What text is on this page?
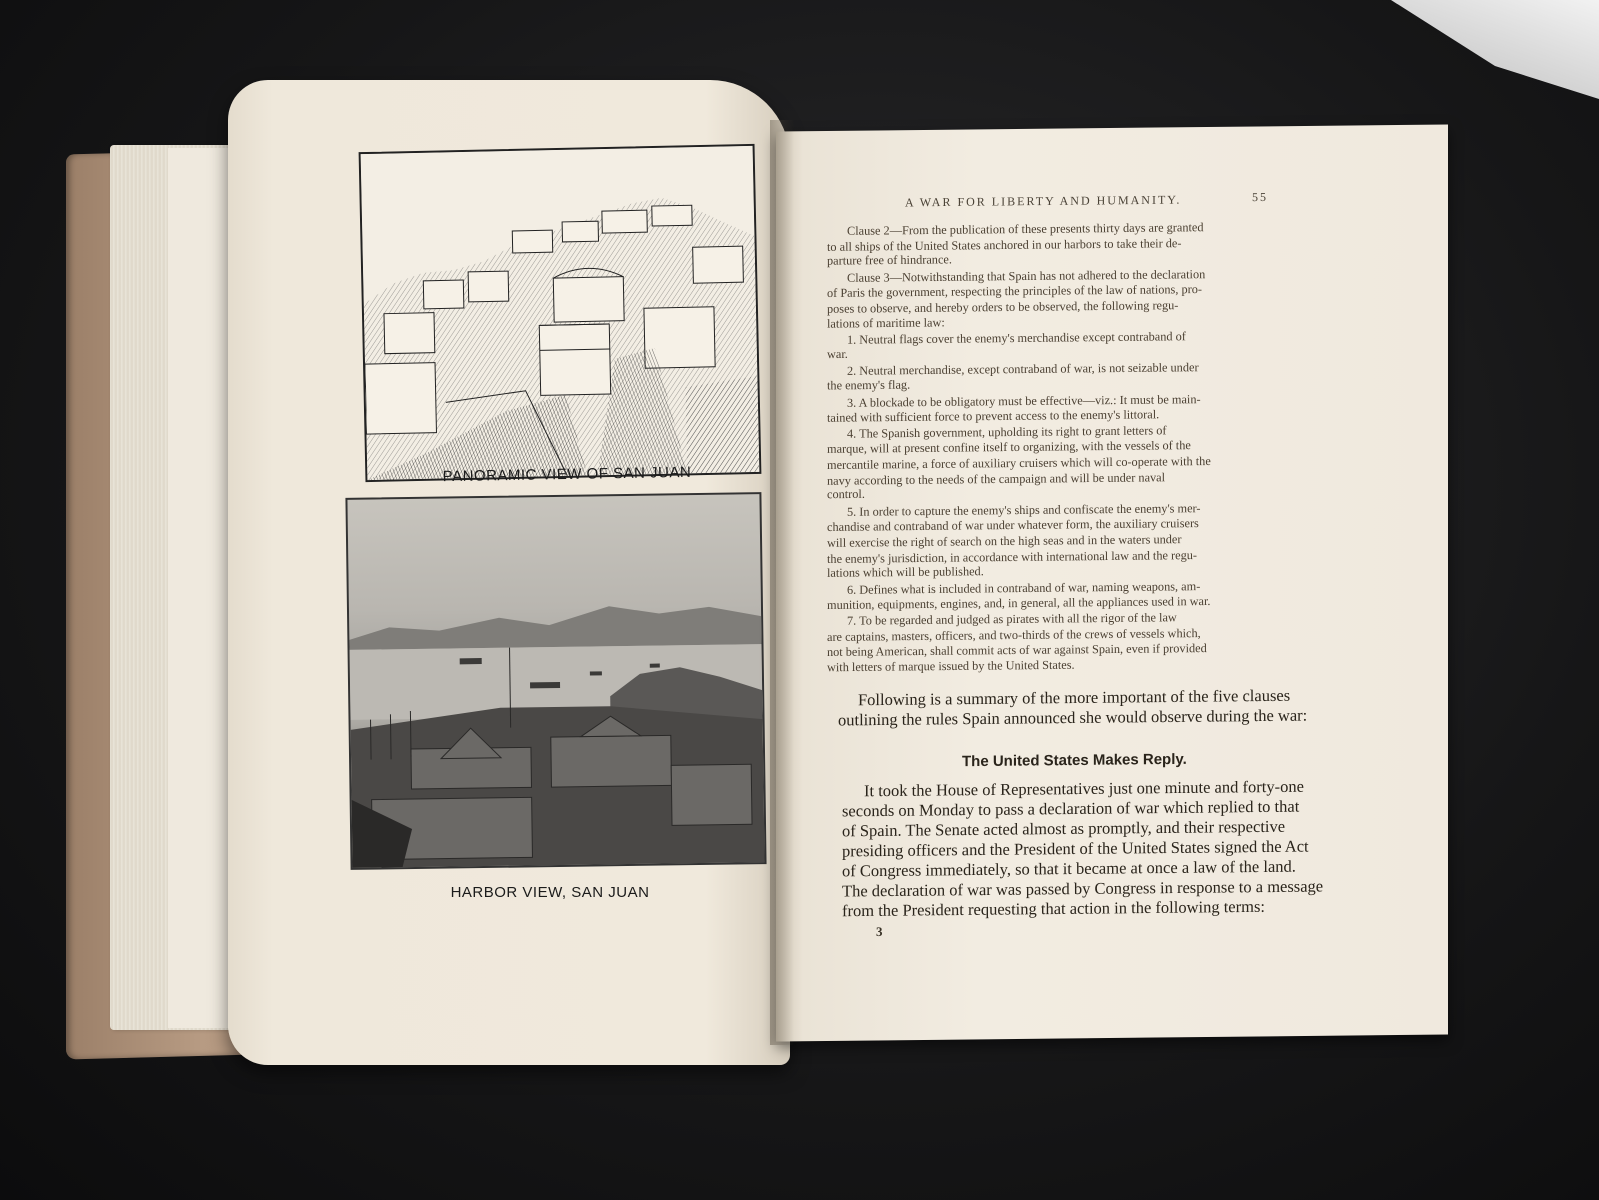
PANORAMIC VIEW OF SAN JUAN
HARBOR VIEW, SAN JUAN
A WAR FOR LIBERTY AND HUMANITY.	55
Clause 2—From the publication of these presents thirty days are granted
to all ships of the United States anchored in our harbors to take their de-
parture free of hindrance.
Clause 3—Notwithstanding that Spain has not adhered to the declaration
of Paris the government, respecting the principles of the law of nations, pro-
poses to observe, and hereby orders to be observed, the following regu-
lations of maritime law:
1. Neutral flags cover the enemy's merchandise except contraband of
war.
2. Neutral merchandise, except contraband of war, is not seizable under
the enemy's flag.
3. A blockade to be obligatory must be effective—viz.: It must be main-
tained with sufficient force to prevent access to the enemy's littoral.
4. The Spanish government, upholding its right to grant letters of
marque, will at present confine itself to organizing, with the vessels of the
mercantile marine, a force of auxiliary cruisers which will co-operate with the
navy according to the needs of the campaign and will be under naval
control.
5. In order to capture the enemy's ships and confiscate the enemy's mer-
chandise and contraband of war under whatever form, the auxiliary cruisers
will exercise the right of search on the high seas and in the waters under
the enemy's jurisdiction, in accordance with international law and the regu-
lations which will be published.
6. Defines what is included in contraband of war, naming weapons, am-
munition, equipments, engines, and, in general, all the appliances used in war.
7. To be regarded and judged as pirates with all the rigor of the law
are captains, masters, officers, and two-thirds of the crews of vessels which,
not being American, shall commit acts of war against Spain, even if provided
with letters of marque issued by the United States.
Following is a summary of the more important of the five clauses
outlining the rules Spain announced she would observe during the war:
The United States Makes Reply.
It took the House of Representatives just one minute and forty-one
seconds on Monday to pass a declaration of war which replied to that
of Spain. The Senate acted almost as promptly, and their respective
presiding officers and the President of the United States signed the Act
of Congress immediately, so that it became at once a law of the land.
The declaration of war was passed by Congress in response to a message
from the President requesting that action in the following terms:
3
